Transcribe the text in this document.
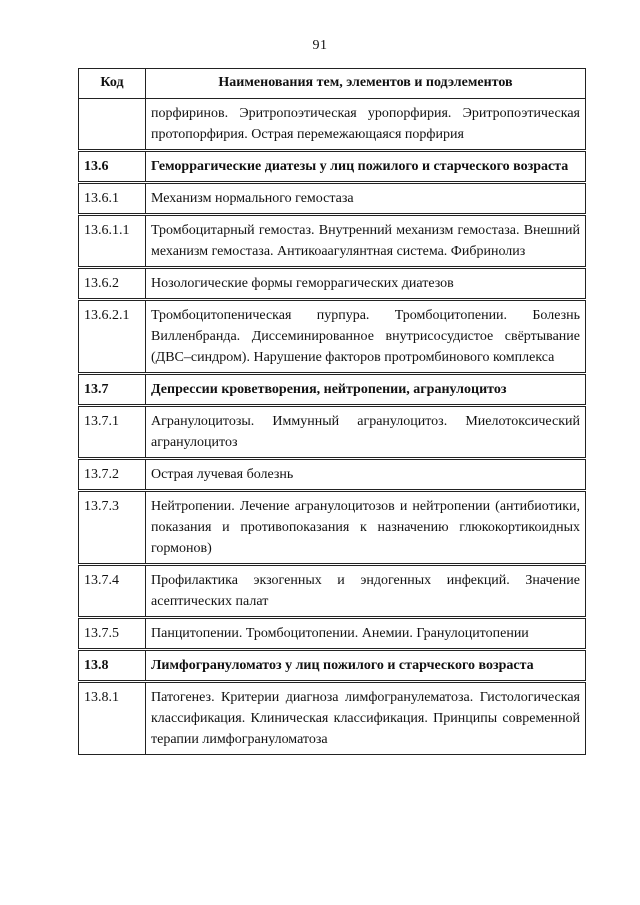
91
Код	Наименования тем, элементов и подэлементов
	порфиринов. Эритропоэтическая уропорфирия. Эритропоэтическая протопорфирия. Острая перемежающаяся порфирия
13.6	Геморрагические диатезы у лиц пожилого и старческого возраста
13.6.1	Механизм нормального гемостаза
13.6.1.1	Тромбоцитарный гемостаз. Внутренний механизм гемостаза. Внешний механизм гемостаза. Антикоаагулянтная система. Фибринолиз
13.6.2	Нозологические формы геморрагических диатезов
13.6.2.1	Тромбоцитопеническая пурпура. Тромбоцитопении. Болезнь Вилленбранда. Диссеминированное внутрисосудистое свёртывание (ДВС–синдром). Нарушение факторов протромбинового комплекса
13.7	Депрессии кроветворения, нейтропении, агранулоцитоз
13.7.1	Агранулоцитозы. Иммунный агранулоцитоз. Миелотоксический агранулоцитоз
13.7.2	Острая лучевая болезнь
13.7.3	Нейтропении. Лечение агранулоцитозов и нейтропении (антибиотики, показания и противопоказания к назначению глюкокортикоидных гормонов)
13.7.4	Профилактика экзогенных и эндогенных инфекций. Значение асептических палат
13.7.5	Панцитопении. Тромбоцитопении. Анемии. Гранулоцитопении
13.8	Лимфогрануломатоз у лиц пожилого и старческого возраста
13.8.1	Патогенез. Критерии диагноза лимфогранулематоза. Гистологическая классификация. Клиническая классификация. Принципы современной терапии лимфогрануломатоза
